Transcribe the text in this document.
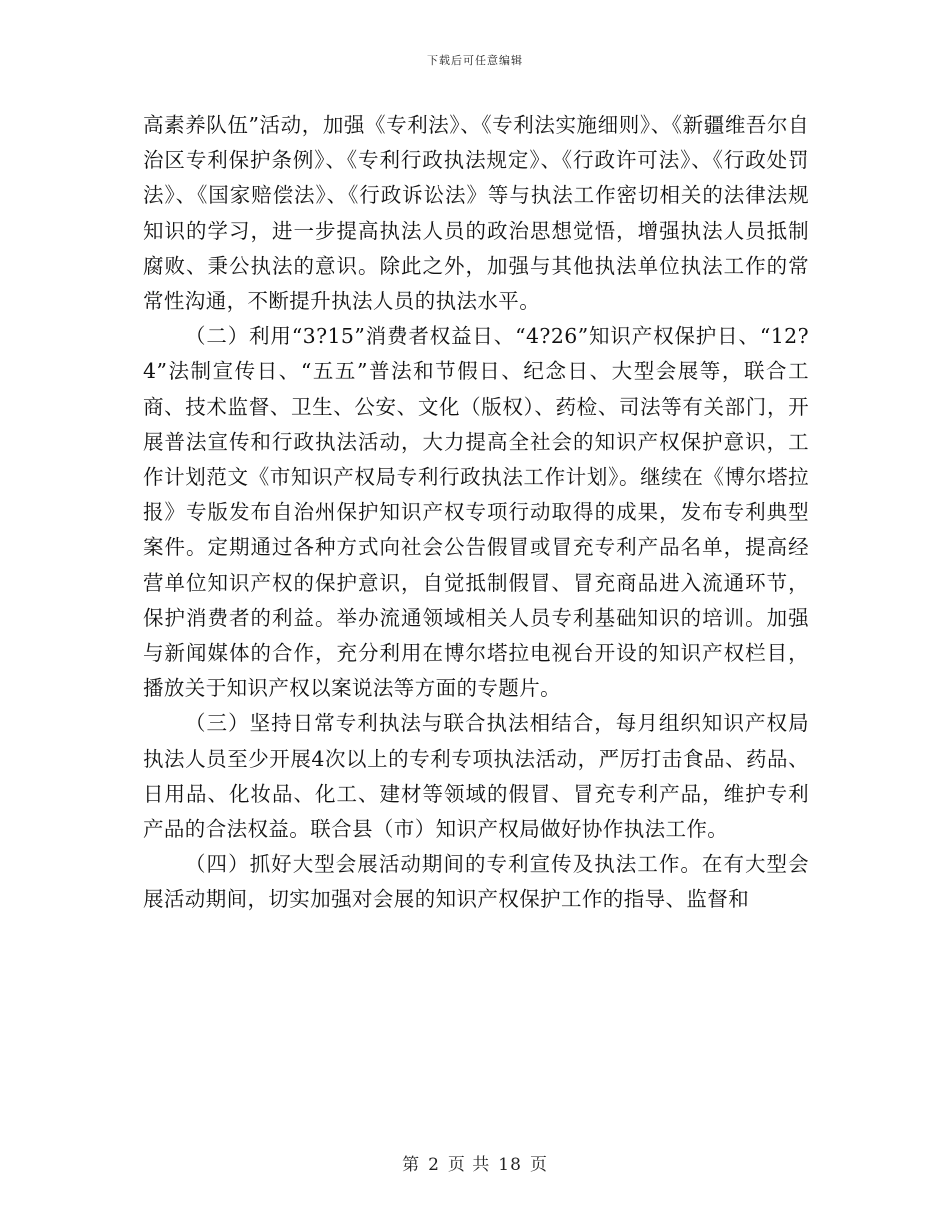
下载后可任意编辑

高素养队伍”活动，加强《专利法》、《专利法实施细则》、《新疆维吾尔自治区专利保护条例》、《专利行政执法规定》、《行政许可法》、《行政处罚法》、《国家赔偿法》、《行政诉讼法》等与执法工作密切相关的法律法规知识的学习，进一步提高执法人员的政治思想觉悟，增强执法人员抵制腐败、秉公执法的意识。除此之外，加强与其他执法单位执法工作的常常性沟通，不断提升执法人员的执法水平。

（二）利用“3?15”消费者权益日、“4?26”知识产权保护日、“12?4”法制宣传日、“五五”普法和节假日、纪念日、大型会展等，联合工商、技术监督、卫生、公安、文化（版权）、药检、司法等有关部门，开展普法宣传和行政执法活动，大力提高全社会的知识产权保护意识，工作计划范文《市知识产权局专利行政执法工作计划》。继续在《博尔塔拉报》专版发布自治州保护知识产权专项行动取得的成果，发布专利典型案件。定期通过各种方式向社会公告假冒或冒充专利产品名单，提高经营单位知识产权的保护意识，自觉抵制假冒、冒充商品进入流通环节，保护消费者的利益。举办流通领域相关人员专利基础知识的培训。加强与新闻媒体的合作，充分利用在博尔塔拉电视台开设的知识产权栏目，播放关于知识产权以案说法等方面的专题片。

（三）坚持日常专利执法与联合执法相结合，每月组织知识产权局执法人员至少开展4次以上的专利专项执法活动，严厉打击食品、药品、日用品、化妆品、化工、建材等领域的假冒、冒充专利产品，维护专利产品的合法权益。联合县（市）知识产权局做好协作执法工作。

（四）抓好大型会展活动期间的专利宣传及执法工作。在有大型会展活动期间，切实加强对会展的知识产权保护工作的指导、监督和

第 2 页 共 18 页
